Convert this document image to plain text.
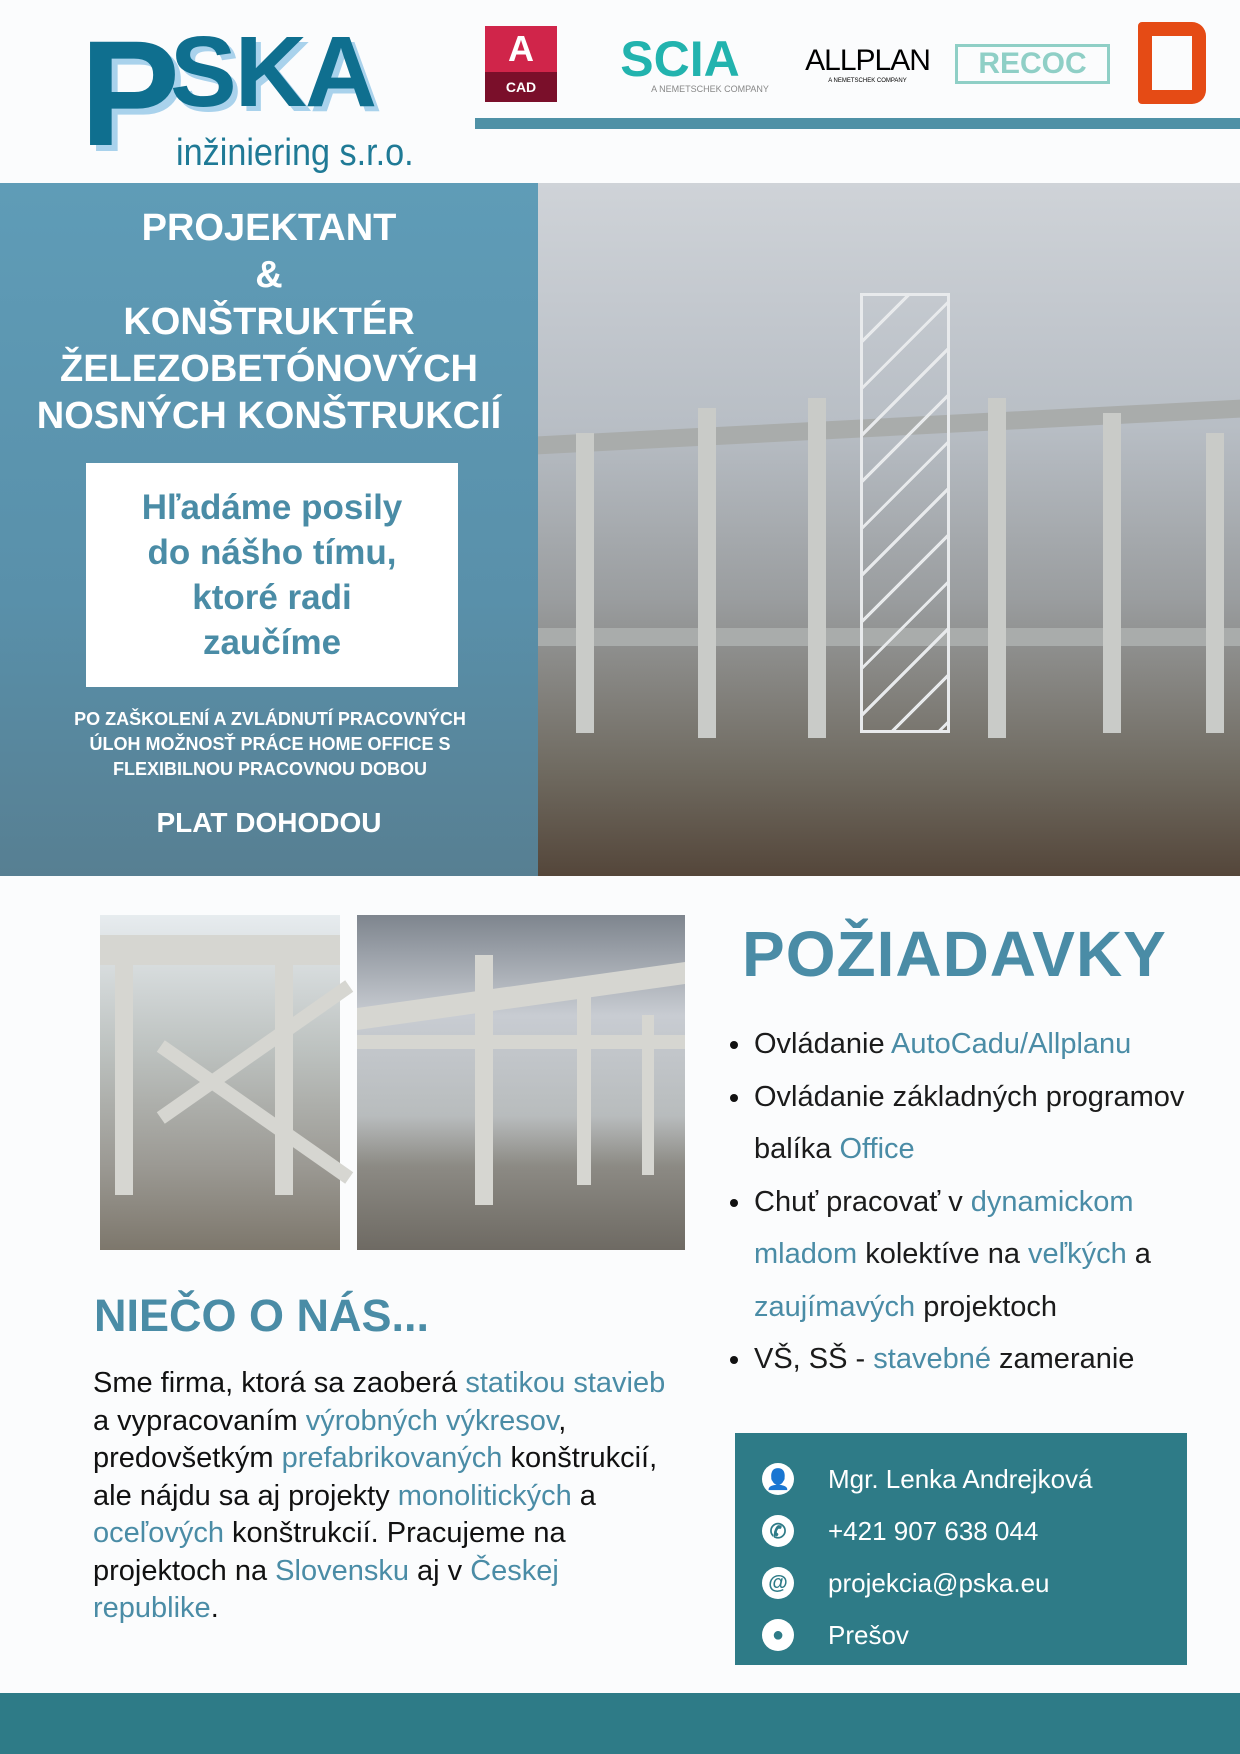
P
SKA
inžiniering s.r.o.
A
CAD	SCIA
A NEMETSCHEK COMPANY
ALLPLAN
A NEMETSCHEK COMPANY
RECOC
PROJEKTANT
&
KONŠTRUKTÉR
ŽELEZOBETÓNOVÝCH
NOSNÝCH KONŠTRUKCIÍ
Hľadáme posily
do nášho tímu,
ktoré radi
zaučíme
PO ZAŠKOLENÍ A ZVLÁDNUTÍ PRACOVNÝCH
ÚLOH MOŽNOSŤ PRÁCE HOME OFFICE S
FLEXIBILNOU PRACOVNOU DOBOU
PLAT DOHODOU
POŽIADAVKY
Ovládanie AutoCadu/Allplanu
Ovládanie základných programov balíka Office
Chuť pracovať v dynamickom mladom kolektíve na veľkých a zaujímavých projektoch
VŠ, SŠ - stavebné zameranie
NIEČO O NÁS...
Sme firma, ktorá sa zaoberá statikou stavieb a vypracovaním výrobných výkresov, predovšetkým prefabrikovaných konštrukcií, ale nájdu sa aj projekty monolitických a oceľových konštrukcií. Pracujeme na projektoch na Slovensku aj v Českej republike.
👤 Mgr. Lenka Andrejková
✆ +421 907 638 044
@ projekcia@pska.eu
●	Prešov
